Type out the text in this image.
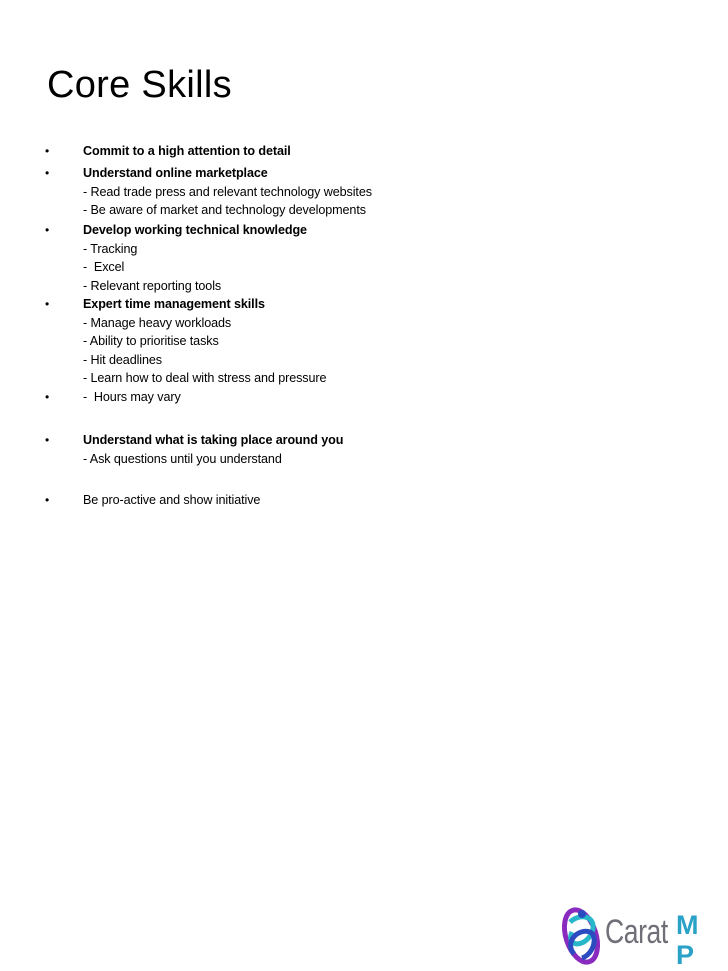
Core Skills
•	Commit to a high attention to detail
•	Understand online marketplace
- Read trade press and relevant technology websites
- Be aware of market and technology developments
•	Develop working technical knowledge
- Tracking
-  Excel
- Relevant reporting tools
•	Expert time management skills
- Manage heavy workloads
- Ability to prioritise tasks
- Hit deadlines
- Learn how to deal with stress and pressure
•	-  Hours may vary
•	Understand what is taking place around you
- Ask questions until you understand
•	Be pro-active and show initiative
Carat M
P
